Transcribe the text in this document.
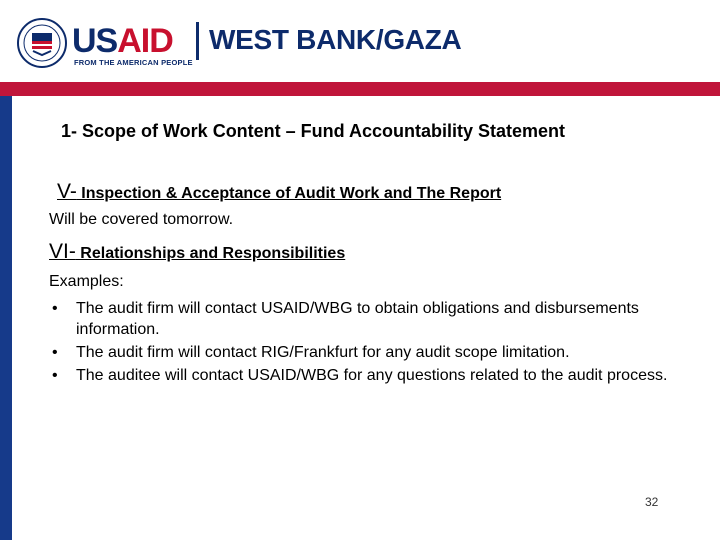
USAID
FROM THE AMERICAN PEOPLE
WEST BANK/GAZA
1- Scope of Work Content – Fund Accountability Statement
V- Inspection & Acceptance of Audit Work and The Report
Will be covered tomorrow.
VI- Relationships and Responsibilities
Examples:
• The audit firm will contact USAID/WBG to obtain obligations and disbursements information.
• The audit firm will contact RIG/Frankfurt for any audit scope limitation.
• The auditee will contact USAID/WBG for any questions related to the audit process.
32
